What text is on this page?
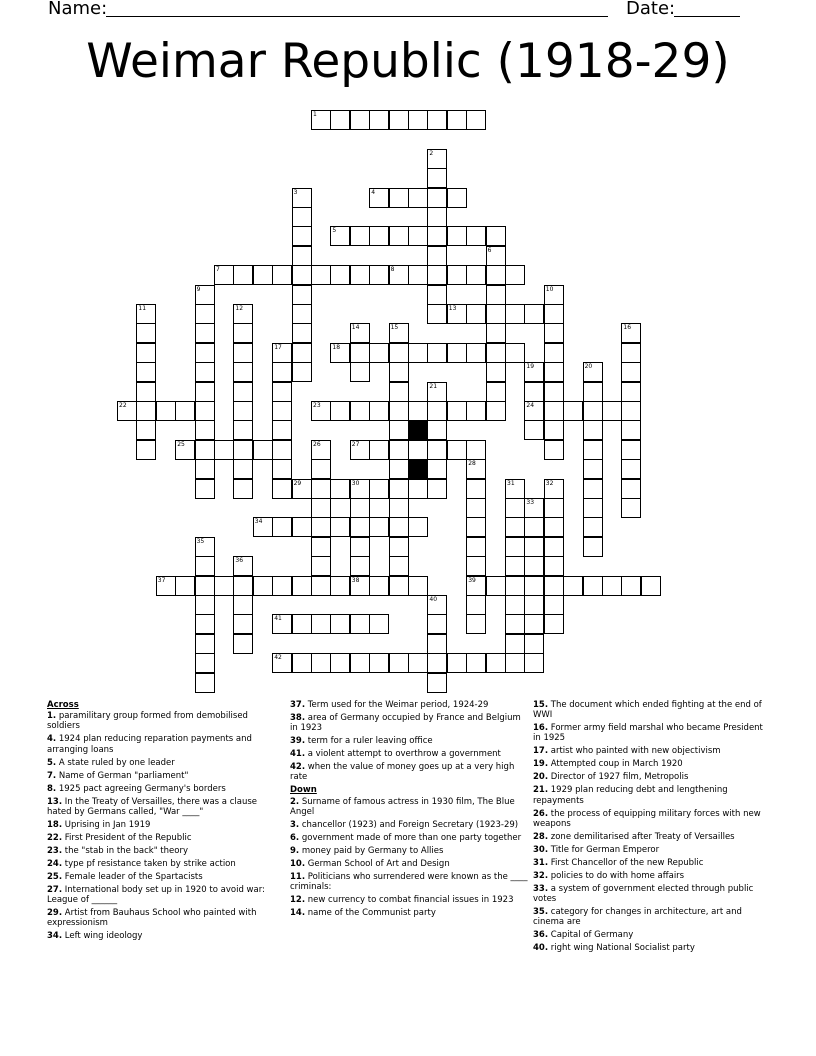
Name:	Date:
Weimar Republic (1918-29)
1
2
3	4
5
6
7	8
9	10
11	12	13
14	15	16
17	18
19
24
20
21
22	23
25	26	27
28
39
29	30
38
31	32
33
34
35
36
37
40
41
42
Across
1. paramilitary group formed from demobilised soldiers
4. 1924 plan reducing reparation payments and arranging loans
5. A state ruled by one leader
7. Name of German "parliament"
8. 1925 pact agreeing Germany's borders
13. In the Treaty of Versailles, there was a clause hated by Germans called, "War ____"
18. Uprising in Jan 1919
22. First President of the Republic
23. the "stab in the back" theory
24. type pf resistance taken by strike action
25. Female leader of the Spartacists
27. International body set up in 1920 to avoid war: League of ______
29. Artist from Bauhaus School who painted with expressionism
34. Left wing ideology
37. Term used for the Weimar period, 1924-29
38. area of Germany occupied by France and Belgium in 1923
39. term for a ruler leaving office
41. a violent attempt to overthrow a government
42. when the value of money goes up at a very high rate
Down
2. Surname of famous actress in 1930 film, The Blue Angel
3. chancellor (1923) and Foreign Secretary (1923-29)
6. government made of more than one party together
9. money paid by Germany to Allies
10. German School of Art and Design
11. Politicians who surrendered were known as the ____ criminals:
12. new currency to combat financial issues in 1923
14. name of the Communist party
15. The document which ended fighting at the end of WWI
16. Former army field marshal who became President in 1925
17. artist who painted with new objectivism
19. Attempted coup in March 1920
20. Director of 1927 film, Metropolis
21. 1929 plan reducing debt and lengthening repayments
26. the process of equipping military forces with new weapons
28. zone demilitarised after Treaty of Versailles
30. Title for German Emperor
31. First Chancellor of the new Republic
32. policies to do with home affairs
33. a system of government elected through public votes
35. category for changes in architecture, art and cinema are
36. Capital of Germany
40. right wing National Socialist party
